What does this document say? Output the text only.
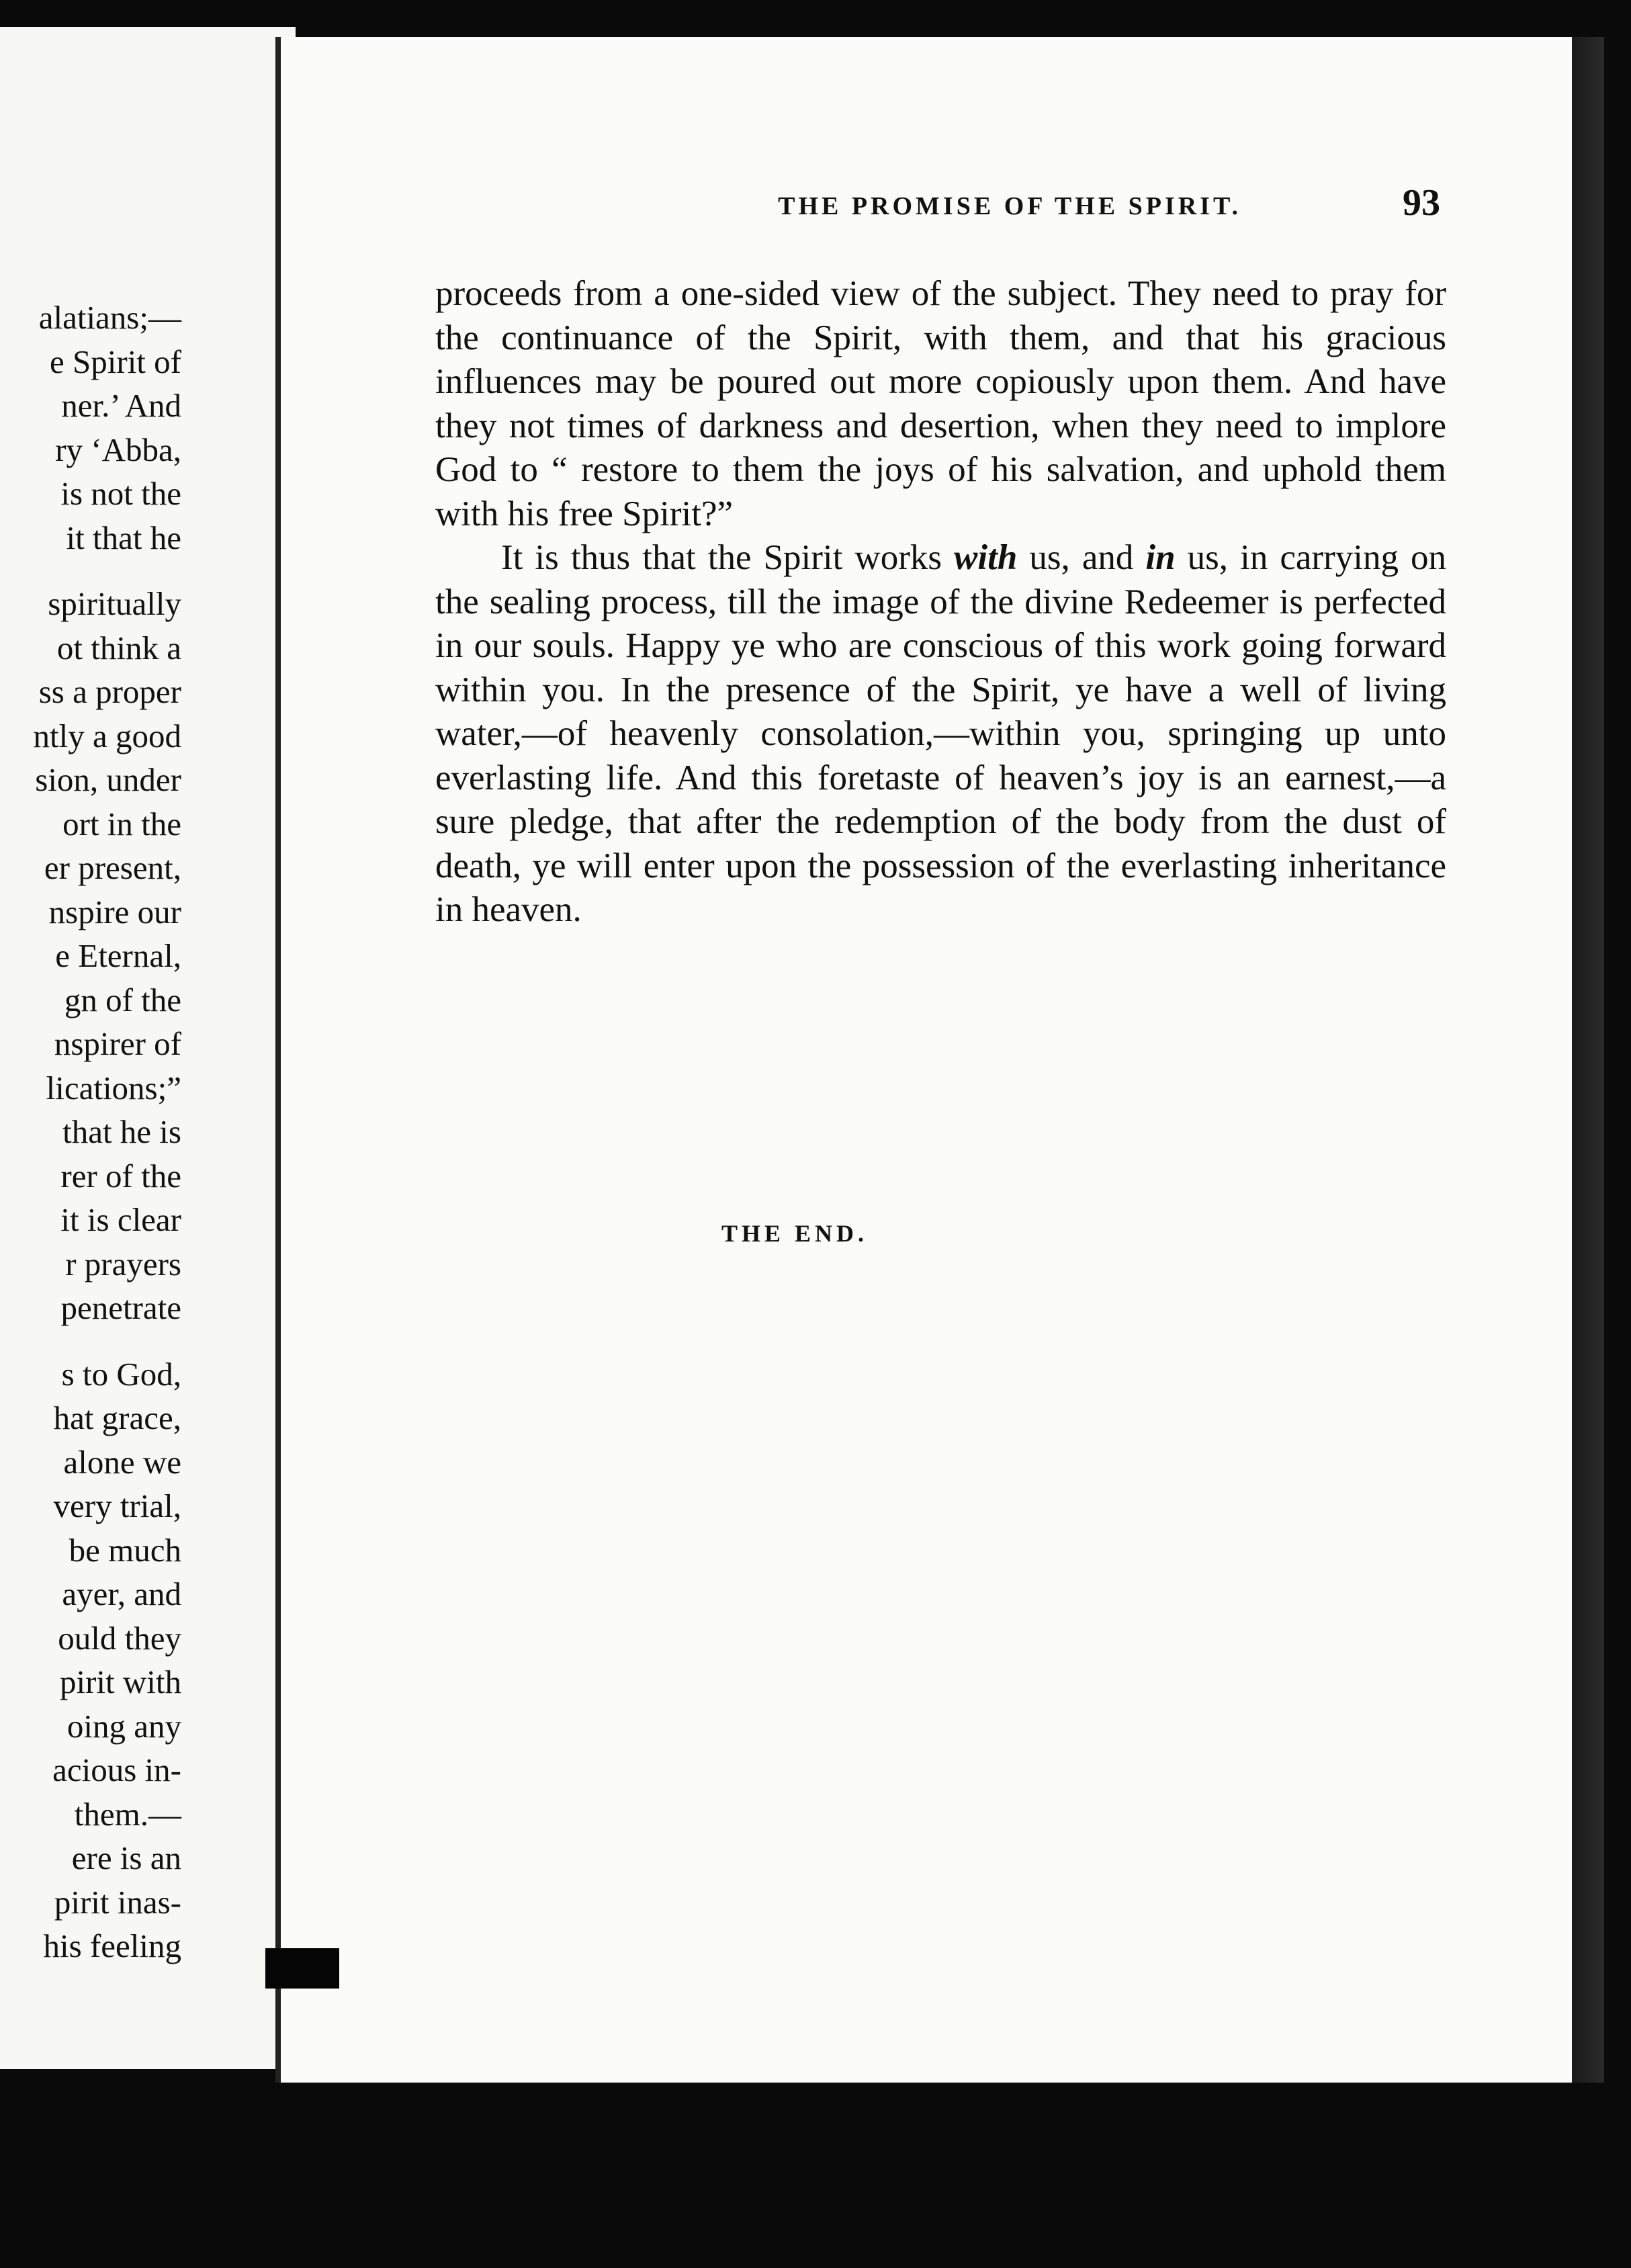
alatians;—
e Spirit of
ner.’ And
ry ‘Abba,
is not the
it that he
spiritually
ot think a
ss a proper
ntly a good
sion, under
ort in the
er present,
nspire our
e Eternal,
gn of the
nspirer of
lications;”
that he is
rer of the
it is clear
r prayers
penetrate
s to God,
hat grace,
alone we
very trial,
be much
ayer, and
ould they
pirit with
oing any
acious in-
them.—
ere is an
pirit inas-
his feeling
THE PROMISE OF THE SPIRIT.	93

proceeds from a one-sided view of the subject. They need to pray for the continuance of the Spirit, with them, and that his gracious influences may be poured out more copiously upon them. And have they not times of darkness and desertion, when they need to implore God to “ restore to them the joys of his salvation, and uphold them with his free Spirit?”

It is thus that the Spirit works with us, and in us, in carrying on the sealing process, till the image of the divine Redeemer is perfected in our souls. Happy ye who are conscious of this work going forward within you. In the presence of the Spirit, ye have a well of living water,—of heavenly consolation,—within you, springing up unto everlasting life. And this foretaste of heaven’s joy is an earnest,—a sure pledge, that after the redemption of the body from the dust of death, ye will enter upon the possession of the everlasting inheritance in heaven.

THE END.
